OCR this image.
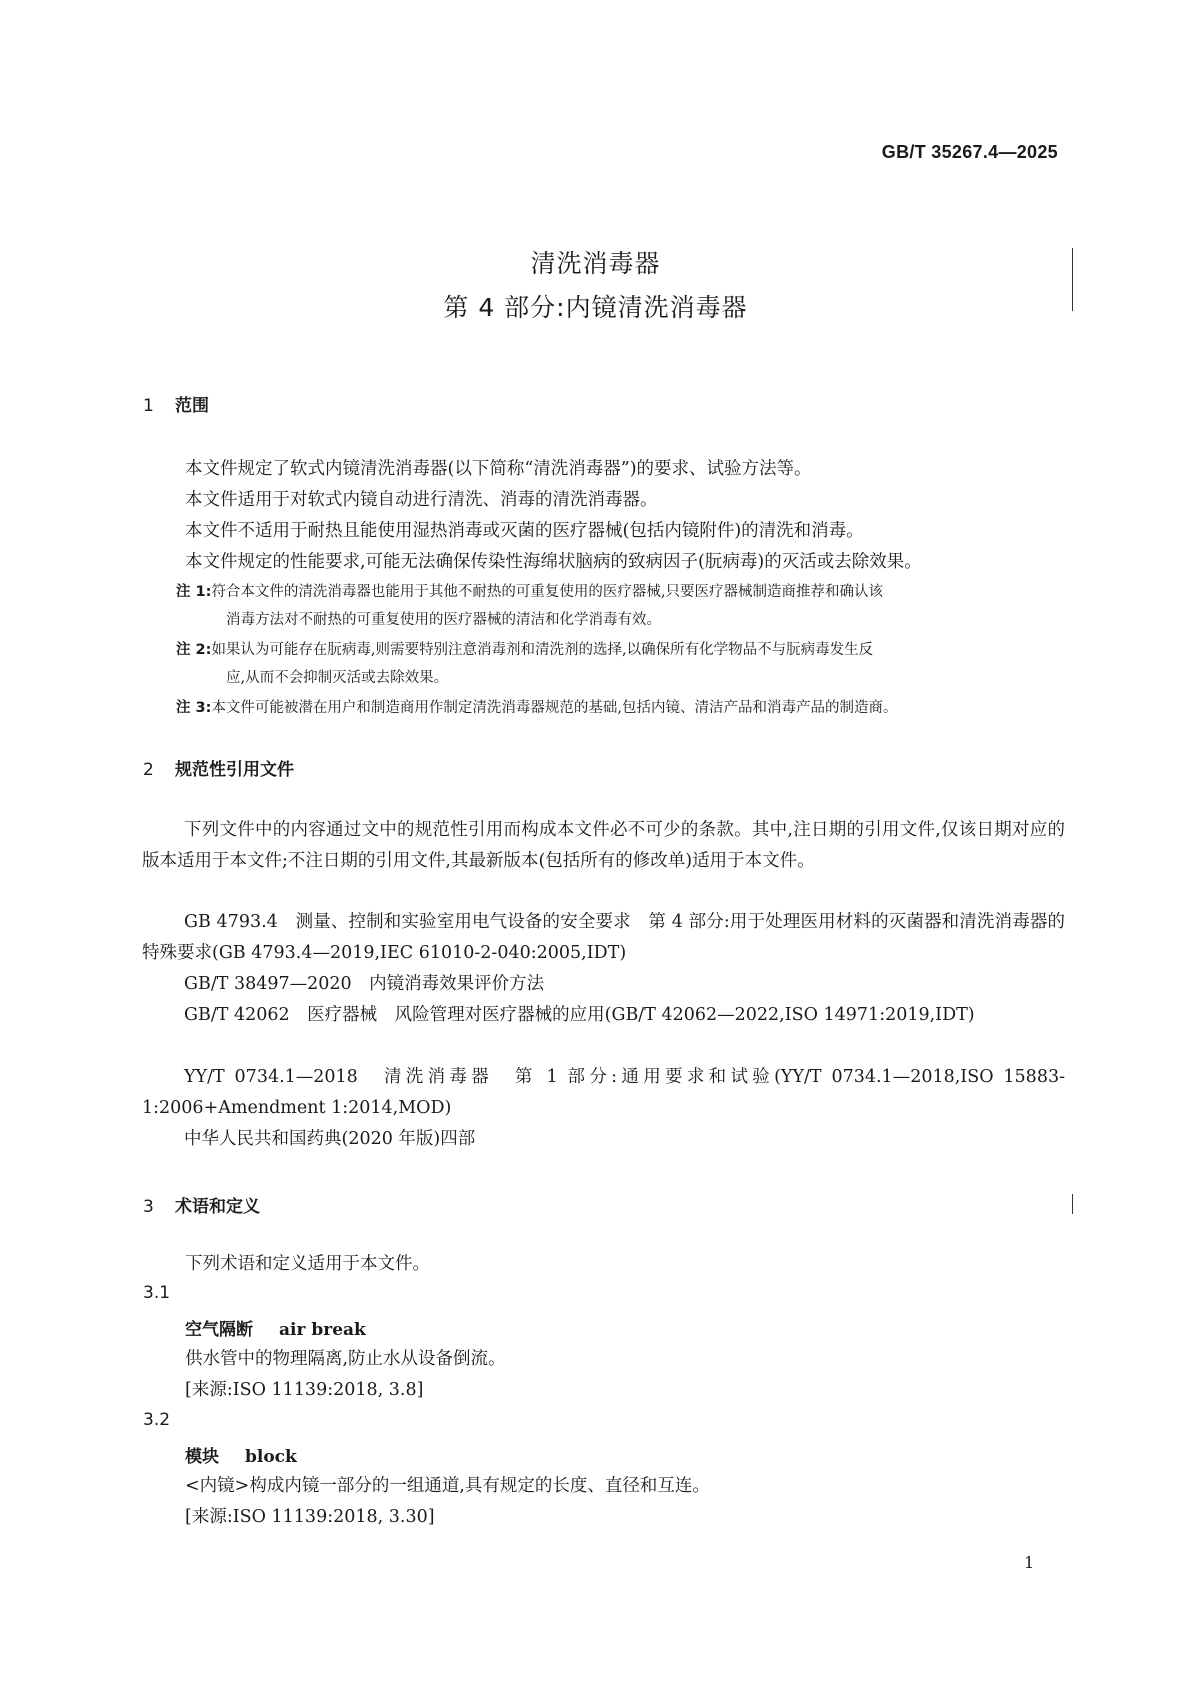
GB/T 35267.4—2025
清洗消毒器
第 4 部分:内镜清洗消毒器
1 范围
本文件规定了软式内镜清洗消毒器(以下简称“清洗消毒器”)的要求、试验方法等。
本文件适用于对软式内镜自动进行清洗、消毒的清洗消毒器。
本文件不适用于耐热且能使用湿热消毒或灭菌的医疗器械(包括内镜附件)的清洗和消毒。
本文件规定的性能要求,可能无法确保传染性海绵状脑病的致病因子(朊病毒)的灭活或去除效果。
注 1:符合本文件的清洗消毒器也能用于其他不耐热的可重复使用的医疗器械,只要医疗器械制造商推荐和确认该
消毒方法对不耐热的可重复使用的医疗器械的清洁和化学消毒有效。
注 2:如果认为可能存在朊病毒,则需要特别注意消毒剂和清洗剂的选择,以确保所有化学物品不与朊病毒发生反
应,从而不会抑制灭活或去除效果。
注 3:本文件可能被潜在用户和制造商用作制定清洗消毒器规范的基础,包括内镜、清洁产品和消毒产品的制造商。
2 规范性引用文件
下列文件中的内容通过文中的规范性引用而构成本文件必不可少的条款。其中,注日期的引用文件,仅该日期对应的版本适用于本文件;不注日期的引用文件,其最新版本(包括所有的修改单)适用于本文件。
GB 4793.4　测量、控制和实验室用电气设备的安全要求　第 4 部分:用于处理医用材料的灭菌器和清洗消毒器的特殊要求(GB 4793.4—2019,IEC 61010-2-040:2005,IDT)
GB/T 38497—2020　内镜消毒效果评价方法
GB/T 42062　医疗器械　风险管理对医疗器械的应用(GB/T 42062—2022,ISO 14971:2019,IDT)
YY/T 0734.1—2018　清洗消毒器　第 1 部分:通用要求和试验(YY/T 0734.1—2018,ISO 15883-1:2006+Amendment 1:2014,MOD)
中华人民共和国药典(2020 年版)四部
3 术语和定义
下列术语和定义适用于本文件。
3.1
空气隔断 air break
供水管中的物理隔离,防止水从设备倒流。
[来源:ISO 11139:2018, 3.8]
3.2
模块 block
<内镜>构成内镜一部分的一组通道,具有规定的长度、直径和互连。
[来源:ISO 11139:2018, 3.30]
1
